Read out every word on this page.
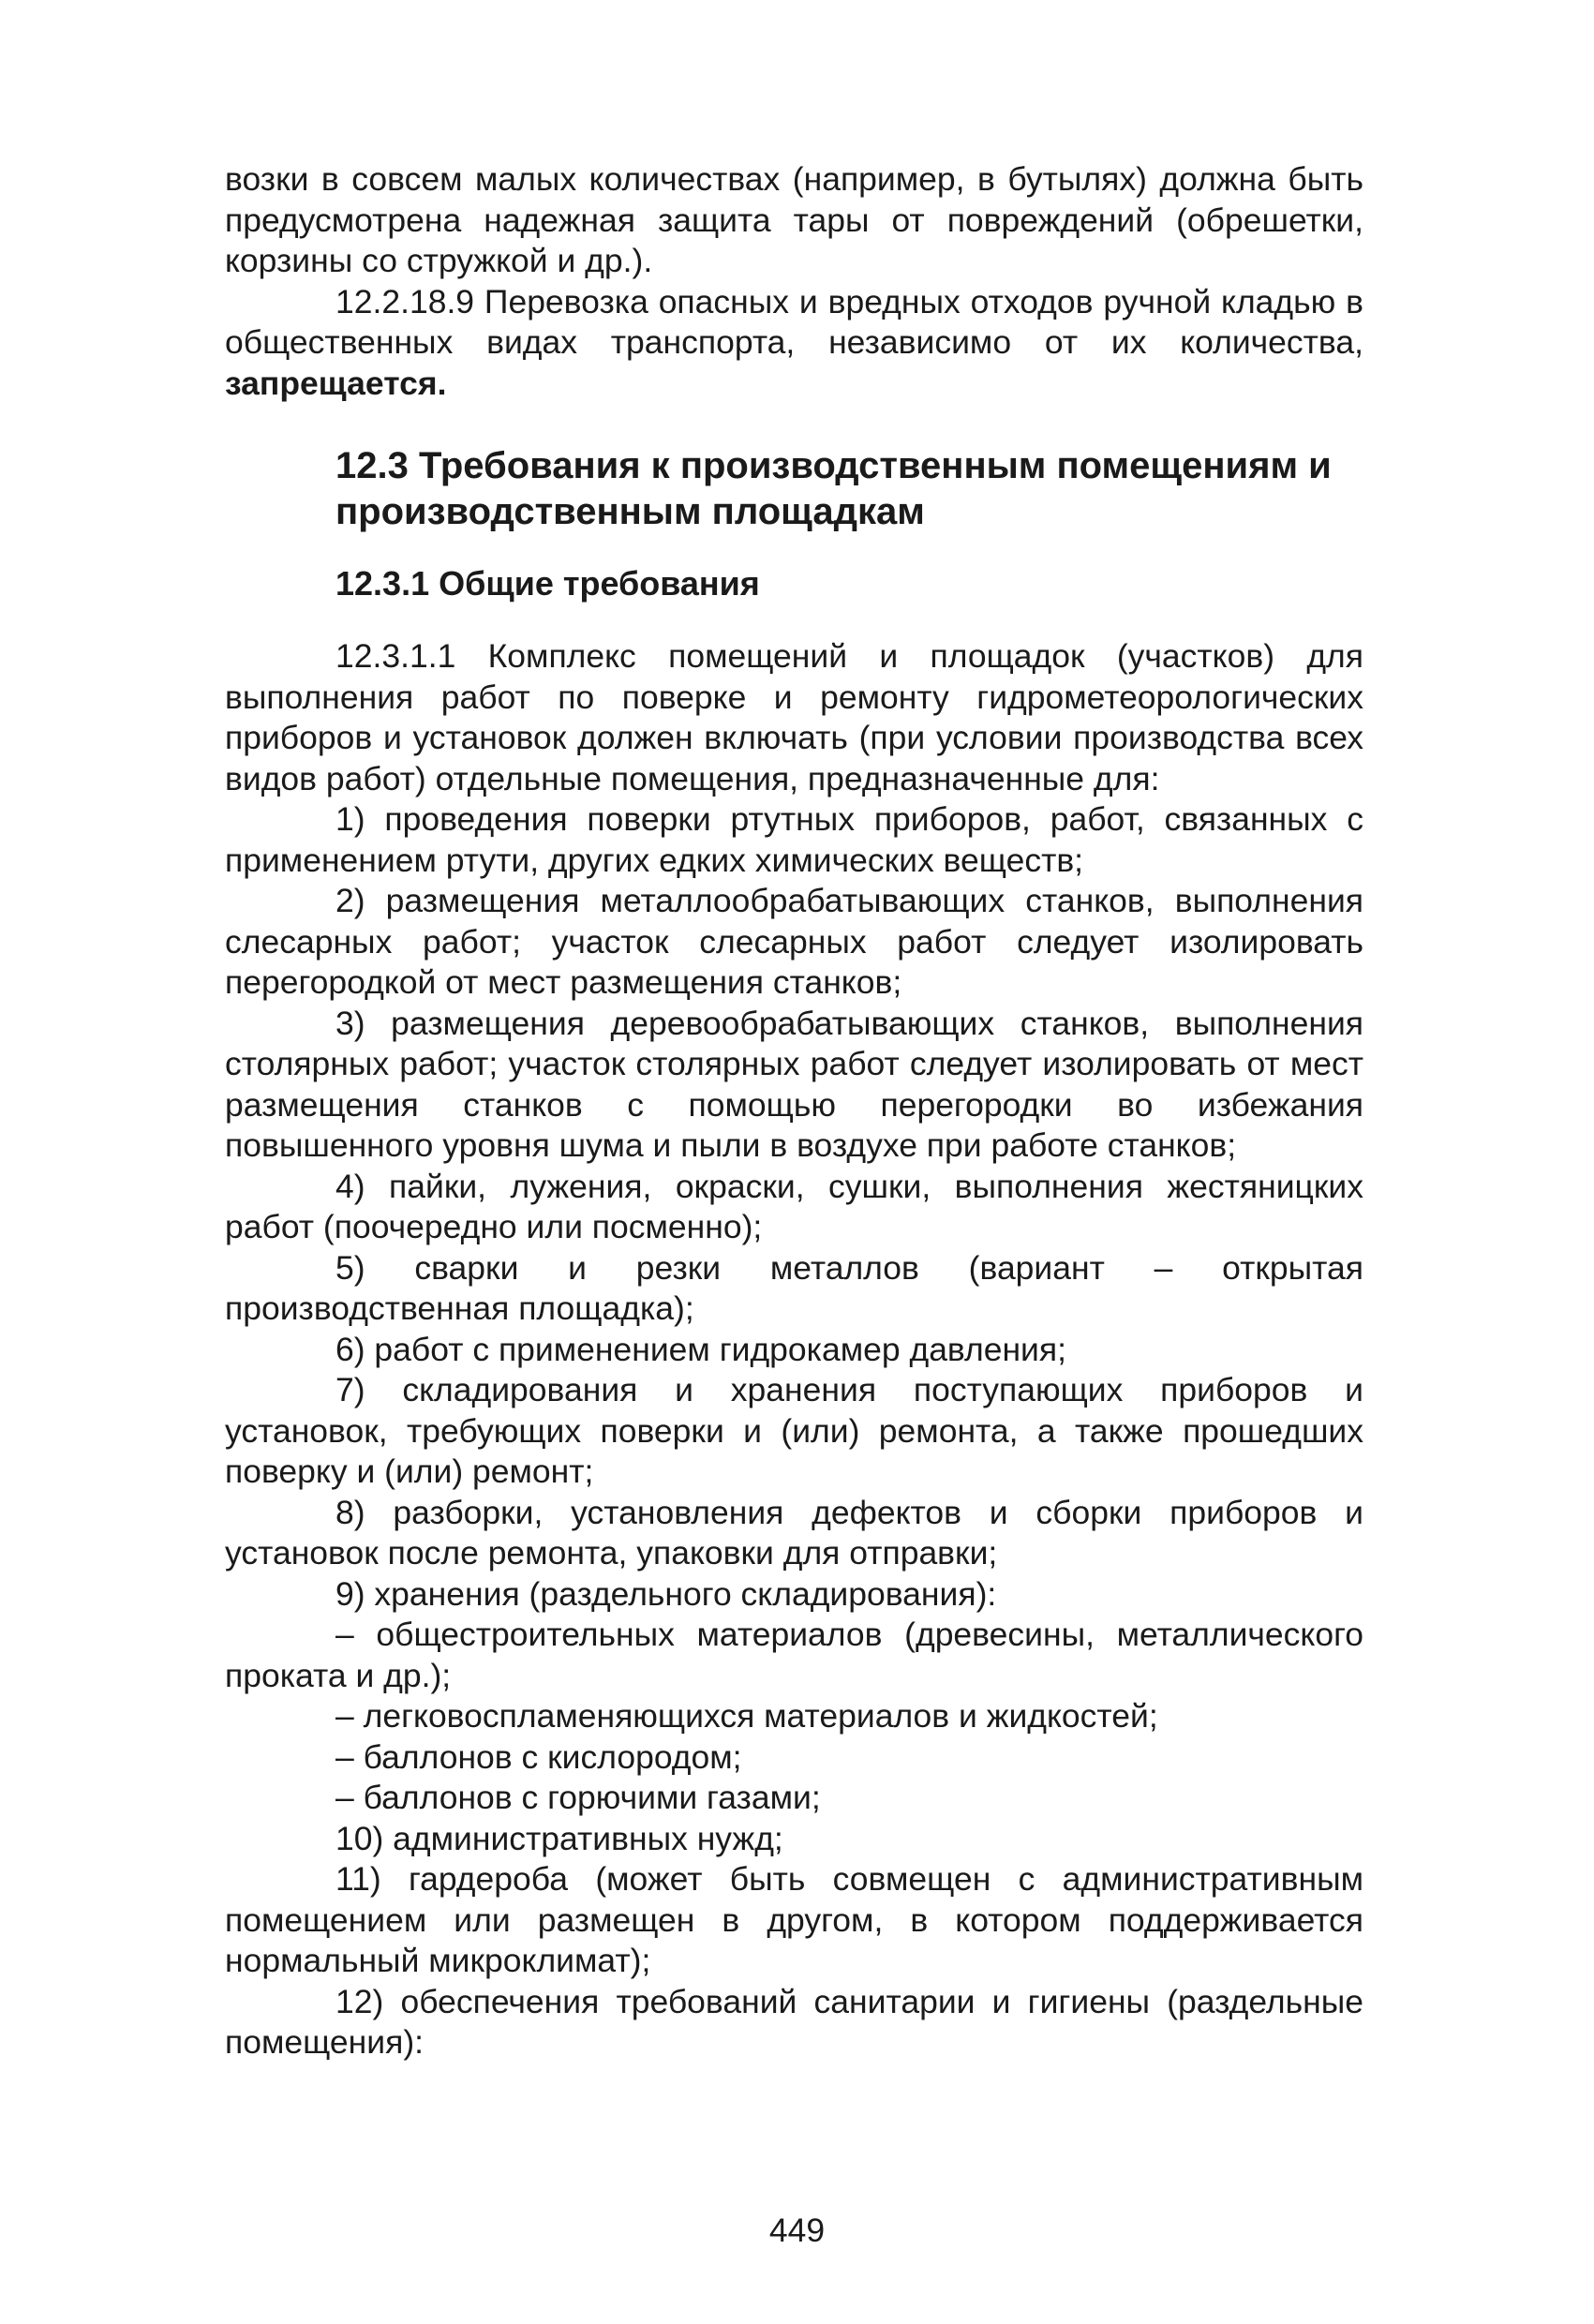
возки в совсем малых количествах (например, в бутылях) должна быть предусмотрена надежная защита тары от повреждений (обрешетки, корзины со стружкой и др.).

12.2.18.9 Перевозка опасных и вредных отходов ручной кладью в общественных видах транспорта, независимо от их количества, запрещается.

12.3 Требования к производственным помещениям и производственным площадкам
12.3.1 Общие требования

12.3.1.1 Комплекс помещений и площадок (участков) для выполнения работ по поверке и ремонту гидрометеорологических приборов и установок должен включать (при условии производства всех видов работ) отдельные помещения, предназначенные для:

1) проведения поверки ртутных приборов, работ, связанных с применением ртути, других едких химических веществ;

2) размещения металлообрабатывающих станков, выполнения слесарных работ; участок слесарных работ следует изолировать перегородкой от мест размещения станков;

3) размещения деревообрабатывающих станков, выполнения столярных работ; участок столярных работ следует изолировать от мест размещения станков с помощью перегородки во избежания повышенного уровня шума и пыли в воздухе при работе станков;

4) пайки, лужения, окраски, сушки, выполнения жестяницких работ (поочередно или посменно);

5) сварки и резки металлов (вариант – открытая производственная площадка);

6) работ с применением гидрокамер давления;

7) складирования и хранения поступающих приборов и установок, требующих поверки и (или) ремонта, а также прошедших поверку и (или) ремонт;

8) разборки, установления дефектов и сборки приборов и установок после ремонта, упаковки для отправки;

9) хранения (раздельного складирования):

– общестроительных материалов (древесины, металлического проката и др.);

– легковоспламеняющихся материалов и жидкостей;

– баллонов с кислородом;

– баллонов с горючими газами;

10) административных нужд;

11) гардероба (может быть совмещен с административным помещением или размещен в другом, в котором поддерживается нормальный микроклимат);

12) обеспечения требований санитарии и гигиены (раздельные помещения):

449
